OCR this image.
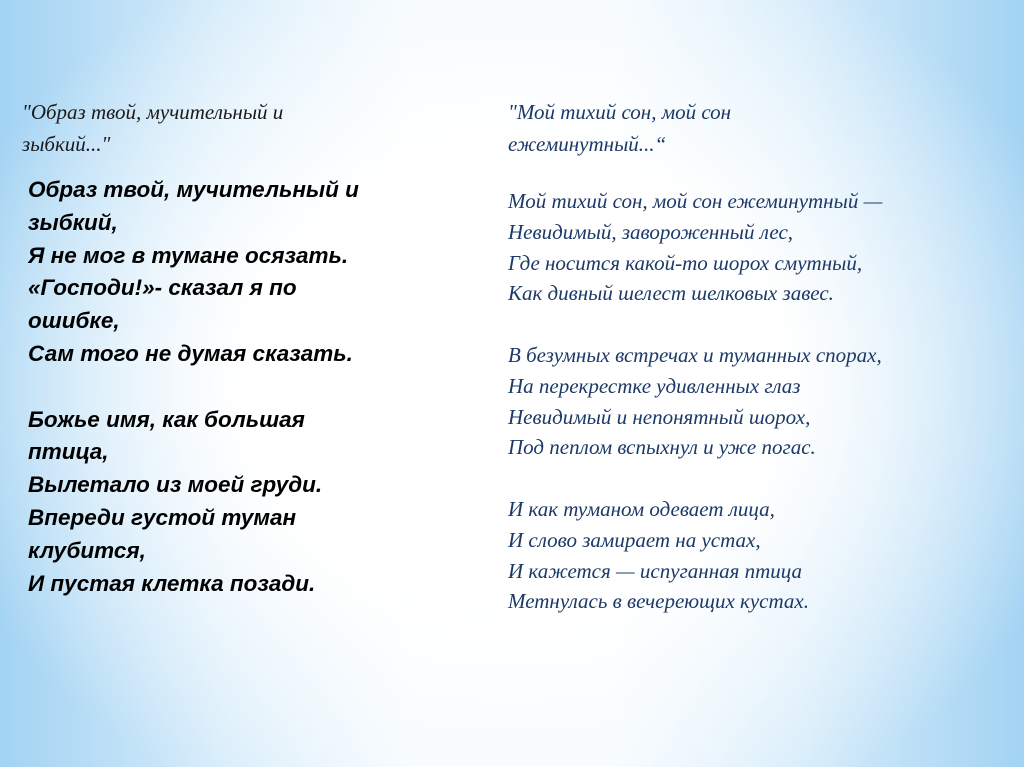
"Образ твой, мучительный и
зыбкий..."

Образ твой, мучительный и
зыбкий,
Я не мог в тумане осязать.
«Господи!»- сказал я по
ошибке,
Сам того не думая сказать.

Божье имя, как большая
птица,
Вылетало из моей груди.
Впереди густой туман
клубится,
И пустая клетка позади.

"Мой тихий сон, мой сон
ежеминутный...“

Мой тихий сон, мой сон ежеминутный —
Невидимый, завороженный лес,
Где носится какой-то шорох смутный,
Как дивный шелест шелковых завес.

В безумных встречах и туманных спорах,
На перекрестке удивленных глаз
Невидимый и непонятный шорох,
Под пеплом вспыхнул и уже погас.

И как туманом одевает лица,
И слово замирает на устах,
И кажется — испуганная птица
Метнулась в вечереющих кустах.
